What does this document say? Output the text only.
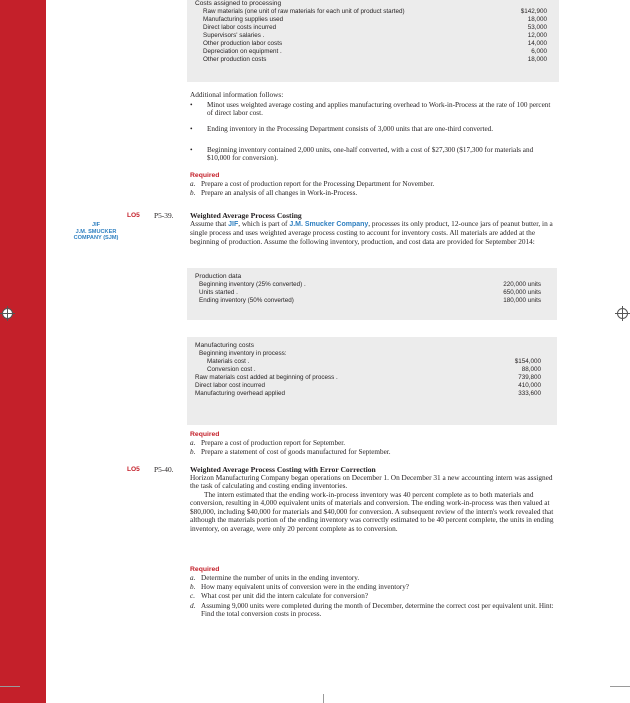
Costs assigned to processing
Raw materials (one unit of raw materials for each unit of product started)	$142,900
Manufacturing supplies used	18,000
Direct labor costs incurred	53,000
Supervisors' salaries .	12,000
Other production labor costs	14,000
Depreciation on equipment .	6,000
Other production costs	18,000
Additional information follows:
• Minot uses weighted average costing and applies manufacturing overhead to Work-in-Process at the rate of 100 percent of direct labor cost.
• Ending inventory in the Processing Department consists of 3,000 units that are one-third converted.
• Beginning inventory contained 2,000 units, one-half converted, with a cost of $27,300 ($17,300 for materials and $10,000 for conversion).
Required
a. Prepare a cost of production report for the Processing Department for November.
b. Prepare an analysis of all changes in Work-in-Process.
LO5 P5-39. Weighted Average Process Costing
JIF
J.M. SMUCKER
COMPANY (SJM)
Assume that JIF, which is part of J.M. Smucker Company, processes its only product, 12-ounce jars of peanut butter, in a single process and uses weighted average process costing to account for inventory costs. All materials are added at the beginning of production. Assume the following inventory, production, and cost data are provided for September 2014:
Production data
Beginning inventory (25% converted) .	220,000 units
Units started .	650,000 units
Ending inventory (50% converted)	180,000 units
Manufacturing costs
Beginning inventory in process:
Materials cost .	$154,000
Conversion cost .	88,000
Raw materials cost added at beginning of process .	739,800
Direct labor cost incurred	410,000
Manufacturing overhead applied	333,600
Required
a. Prepare a cost of production report for September.
b. Prepare a statement of cost of goods manufactured for September.
LO5 P5-40. Weighted Average Process Costing with Error Correction
Horizon Manufacturing Company began operations on December 1. On December 31 a new accounting intern was assigned the task of calculating and costing ending inventories.
The intern estimated that the ending work-in-process inventory was 40 percent complete as to both materials and conversion, resulting in 4,000 equivalent units of materials and conversion. The ending work-in-process was then valued at $80,000, including $40,000 for materials and $40,000 for conversion. A subsequent review of the intern's work revealed that although the materials portion of the ending inventory was correctly estimated to be 40 percent complete, the units in ending inventory, on average, were only 20 percent complete as to conversion.
Required
a. Determine the number of units in the ending inventory.
b. How many equivalent units of conversion were in the ending inventory?
c. What cost per unit did the intern calculate for conversion?
d. Assuming 9,000 units were completed during the month of December, determine the correct cost per equivalent unit. Hint: Find the total conversion costs in process.
